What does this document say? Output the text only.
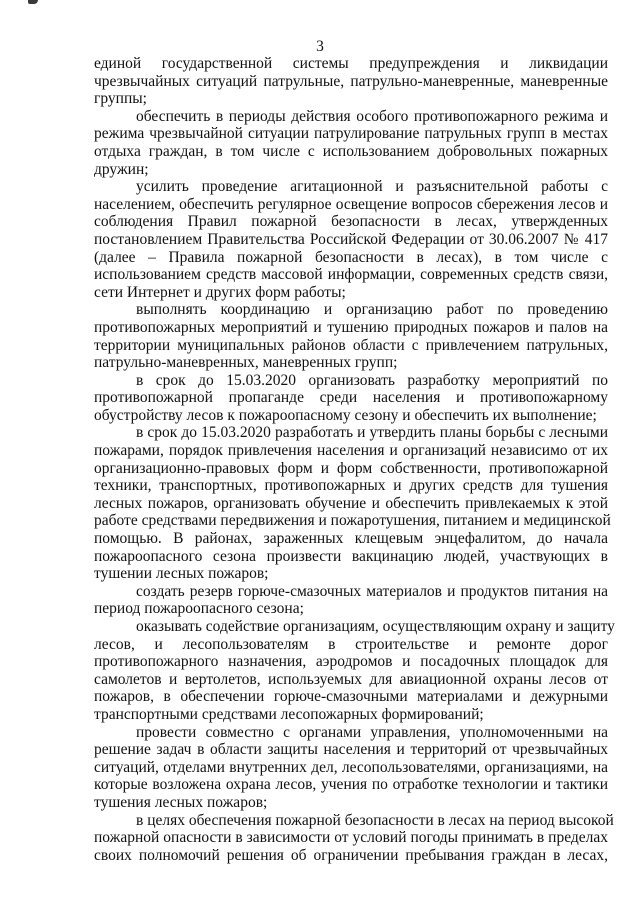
3
единой государственной системы предупреждения и ликвидации
чрезвычайных ситуаций патрульные, патрульно-маневренные, маневренные
группы;
обеспечить в периоды действия особого противопожарного режима и
режима чрезвычайной ситуации патрулирование патрульных групп в местах
отдыха граждан, в том числе с использованием добровольных пожарных
дружин;
усилить проведение агитационной и разъяснительной работы с
населением, обеспечить регулярное освещение вопросов сбережения лесов и
соблюдения Правил пожарной безопасности в лесах, утвержденных
постановлением Правительства Российской Федерации от 30.06.2007 № 417
(далее – Правила пожарной безопасности в лесах), в том числе с
использованием средств массовой информации, современных средств связи,
сети Интернет и других форм работы;
выполнять координацию и организацию работ по проведению
противопожарных мероприятий и тушению природных пожаров и палов на
территории муниципальных районов области с привлечением патрульных,
патрульно-маневренных, маневренных групп;
в срок до 15.03.2020 организовать разработку мероприятий по
противопожарной пропаганде среди населения и противопожарному
обустройству лесов к пожароопасному сезону и обеспечить их выполнение;
в срок до 15.03.2020 разработать и утвердить планы борьбы с лесными
пожарами, порядок привлечения населения и организаций независимо от их
организационно-правовых форм и форм собственности, противопожарной
техники, транспортных, противопожарных и других средств для тушения
лесных пожаров, организовать обучение и обеспечить привлекаемых к этой
работе средствами передвижения и пожаротушения, питанием и медицинской
помощью. В районах, зараженных клещевым энцефалитом, до начала
пожароопасного сезона произвести вакцинацию людей, участвующих в
тушении лесных пожаров;
создать резерв горюче-смазочных материалов и продуктов питания на
период пожароопасного сезона;
оказывать содействие организациям, осуществляющим охрану и защиту
лесов, и лесопользователям в строительстве и ремонте дорог
противопожарного назначения, аэродромов и посадочных площадок для
самолетов и вертолетов, используемых для авиационной охраны лесов от
пожаров, в обеспечении горюче-смазочными материалами и дежурными
транспортными средствами лесопожарных формирований;
провести совместно с органами управления, уполномоченными на
решение задач в области защиты населения и территорий от чрезвычайных
ситуаций, отделами внутренних дел, лесопользователями, организациями, на
которые возложена охрана лесов, учения по отработке технологии и тактики
тушения лесных пожаров;
в целях обеспечения пожарной безопасности в лесах на период высокой
пожарной опасности в зависимости от условий погоды принимать в пределах
своих полномочий решения об ограничении пребывания граждан в лесах,
